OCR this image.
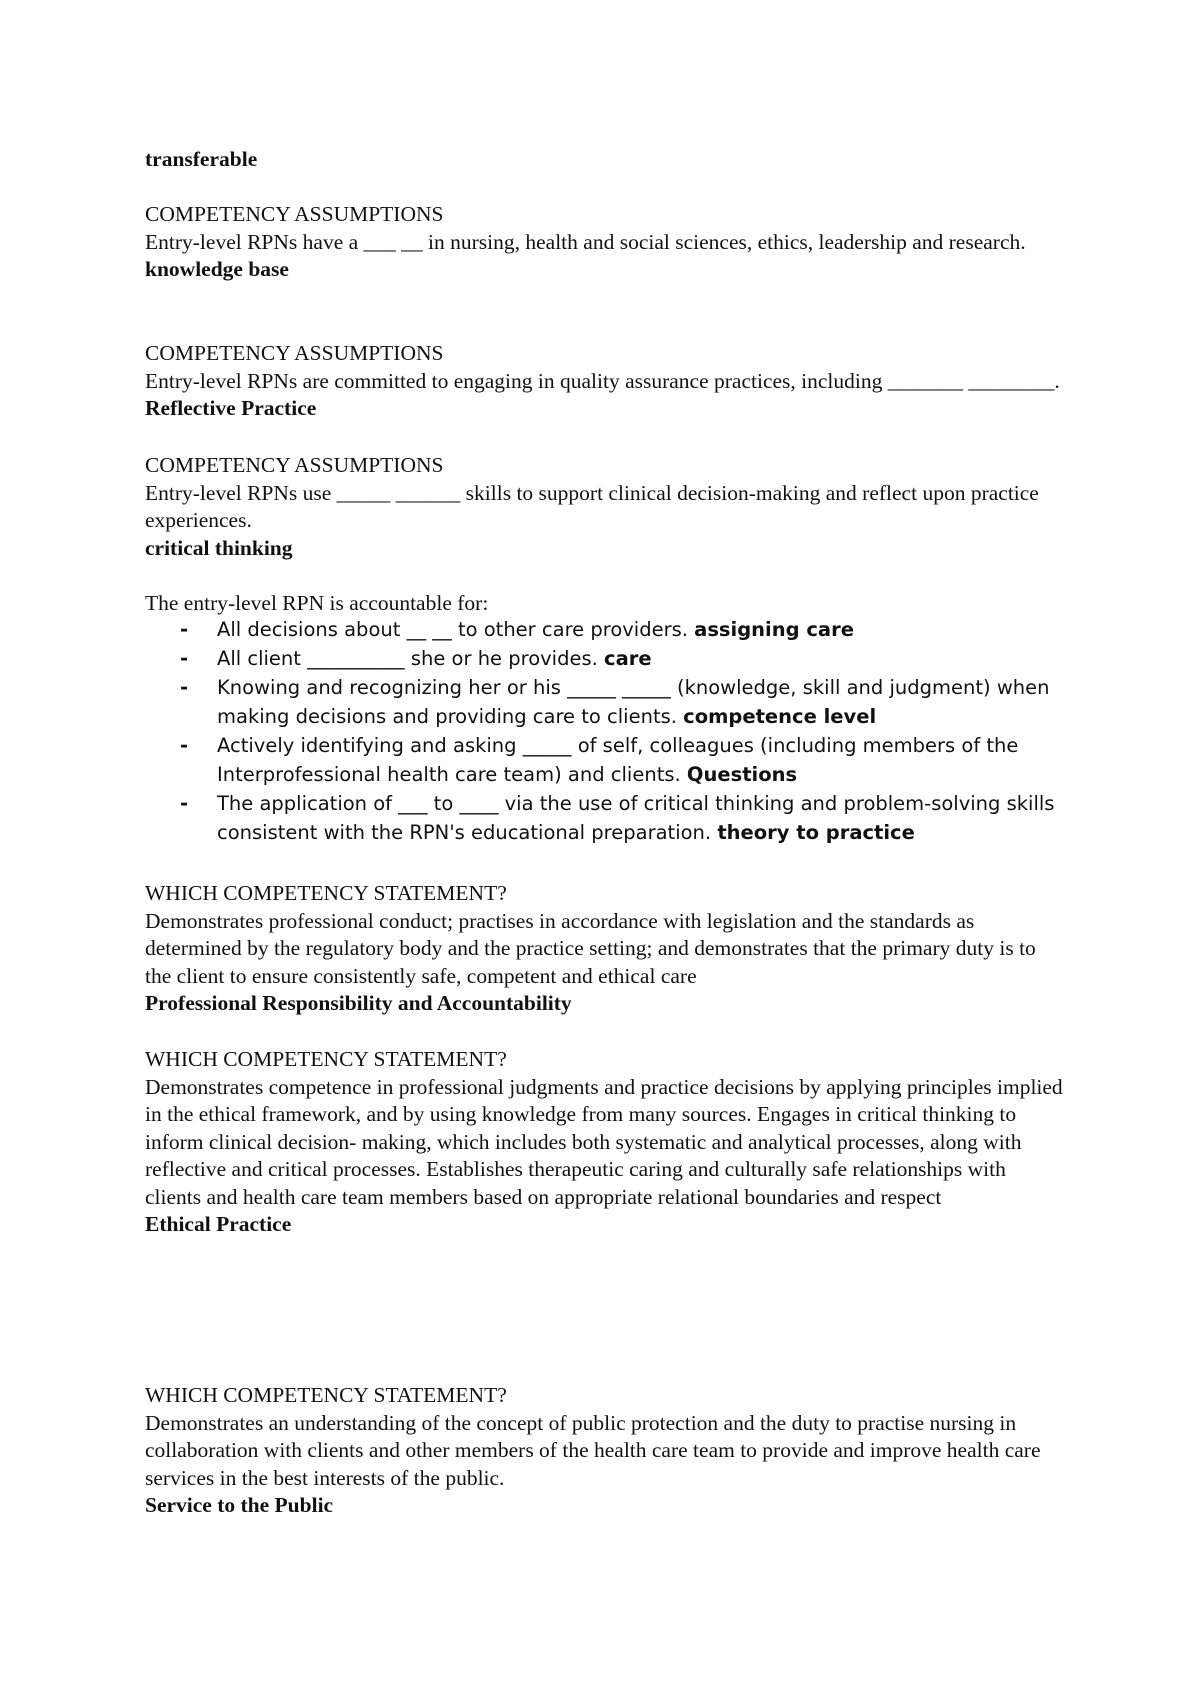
transferable

COMPETENCY ASSUMPTIONS

Entry-level RPNs have a ___ __ in nursing, health and social sciences, ethics, leadership and research.

knowledge base

COMPETENCY ASSUMPTIONS

Entry-level RPNs are committed to engaging in quality assurance practices, including _______ ________. Reflective Practice

COMPETENCY ASSUMPTIONS

Entry-level RPNs use _____ ______ skills to support clinical decision-making and reflect upon practice experiences.

critical thinking

The entry-level RPN is accountable for:

- All decisions about __ __ to other care providers. assigning care
- All client __________ she or he provides. care
- Knowing and recognizing her or his _____ _____ (knowledge, skill and judgment) when making decisions and providing care to clients. competence level
- Actively identifying and asking _____ of self, colleagues (including members of the Interprofessional health care team) and clients. Questions
- The application of ___ to ____ via the use of critical thinking and problem-solving skills consistent with the RPN's educational preparation. theory to practice

WHICH COMPETENCY STATEMENT?

Demonstrates professional conduct; practises in accordance with legislation and the standards as determined by the regulatory body and the practice setting; and demonstrates that the primary duty is to the client to ensure consistently safe, competent and ethical care

Professional Responsibility and Accountability

WHICH COMPETENCY STATEMENT?

Demonstrates competence in professional judgments and practice decisions by applying principles implied in the ethical framework, and by using knowledge from many sources. Engages in critical thinking to inform clinical decision- making, which includes both systematic and analytical processes, along with reflective and critical processes. Establishes therapeutic caring and culturally safe relationships with clients and health care team members based on appropriate relational boundaries and respect

Ethical Practice

WHICH COMPETENCY STATEMENT?

Demonstrates an understanding of the concept of public protection and the duty to practise nursing in collaboration with clients and other members of the health care team to provide and improve health care services in the best interests of the public.

Service to the Public
